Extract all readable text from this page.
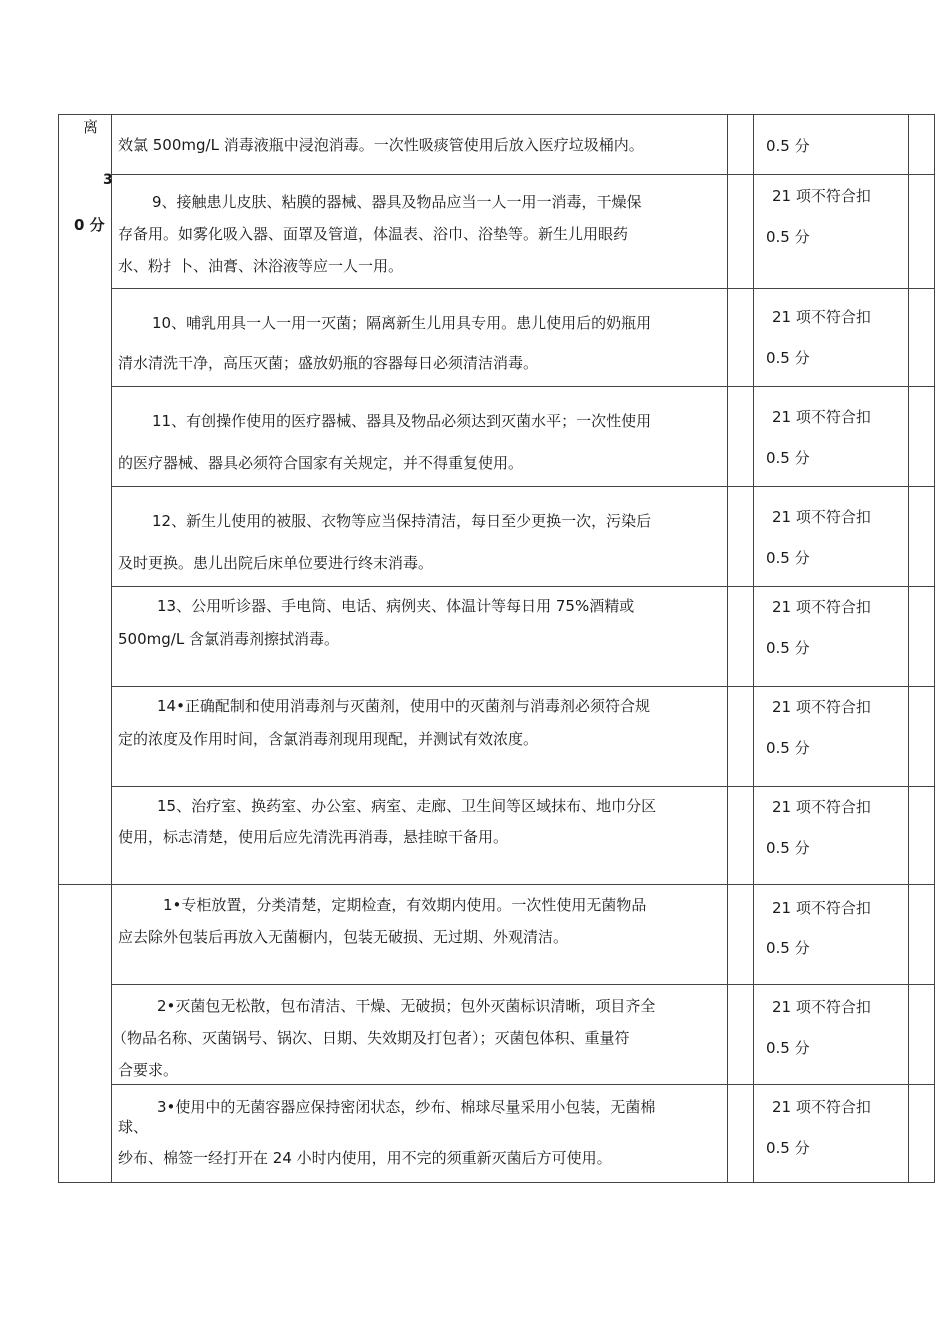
离
3
0 分
效氯 500mg/L 消毒液瓶中浸泡消毒。一次性吸痰管使用后放入医疗垃圾桶内。	0.5 分
9、接触患儿皮肤、粘膜的器械、器具及物品应当一人一用一消毒，干燥保
存备用。如雾化吸入器、面罩及管道，体温表、浴巾、浴垫等。新生儿用眼药
水、粉扌卜、油膏、沐浴液等应一人一用。
21 项不符合扣
0.5 分
10、哺乳用具一人一用一灭菌；隔离新生儿用具专用。患儿使用后的奶瓶用
清水清洗干净，高压灭菌；盛放奶瓶的容器每日必须清洁消毒。
21 项不符合扣
0.5 分
11、有创操作使用的医疗器械、器具及物品必须达到灭菌水平；一次性使用
的医疗器械、器具必须符合国家有关规定，并不得重复使用。
21 项不符合扣
0.5 分
12、新生儿使用的被服、衣物等应当保持清洁，每日至少更换一次，污染后
及时更换。患儿出院后床单位要进行终末消毒。
21 项不符合扣
0.5 分
13、公用听诊器、手电筒、电话、病例夹、体温计等每日用 75%酒精或
500mg/L 含氯消毒剂擦拭消毒。
21 项不符合扣
0.5 分
14•正确配制和使用消毒剂与灭菌剂，使用中的灭菌剂与消毒剂必须符合规
定的浓度及作用时间，含氯消毒剂现用现配，并测试有效浓度。
21 项不符合扣
0.5 分
15、治疗室、换药室、办公室、病室、走廊、卫生间等区域抹布、地巾分区
使用，标志清楚，使用后应先清洗再消毒，悬挂晾干备用。
21 项不符合扣
0.5 分
1•专柜放置，分类清楚，定期检查，有效期内使用。一次性使用无菌物品
应去除外包装后再放入无菌橱内，包装无破损、无过期、外观清洁。
21 项不符合扣
0.5 分
2•灭菌包无松散，包布清洁、干燥、无破损；包外灭菌标识清晰，项目齐全
（物品名称、灭菌锅号、锅次、日期、失效期及打包者）；灭菌包体积、重量符
合要求。
21 项不符合扣
0.5 分
3•使用中的无菌容器应保持密闭状态，纱布、棉球尽量采用小包装，无菌棉
球、
纱布、棉签一经打开在 24 小时内使用，用不完的须重新灭菌后方可使用。
21 项不符合扣
0.5 分
